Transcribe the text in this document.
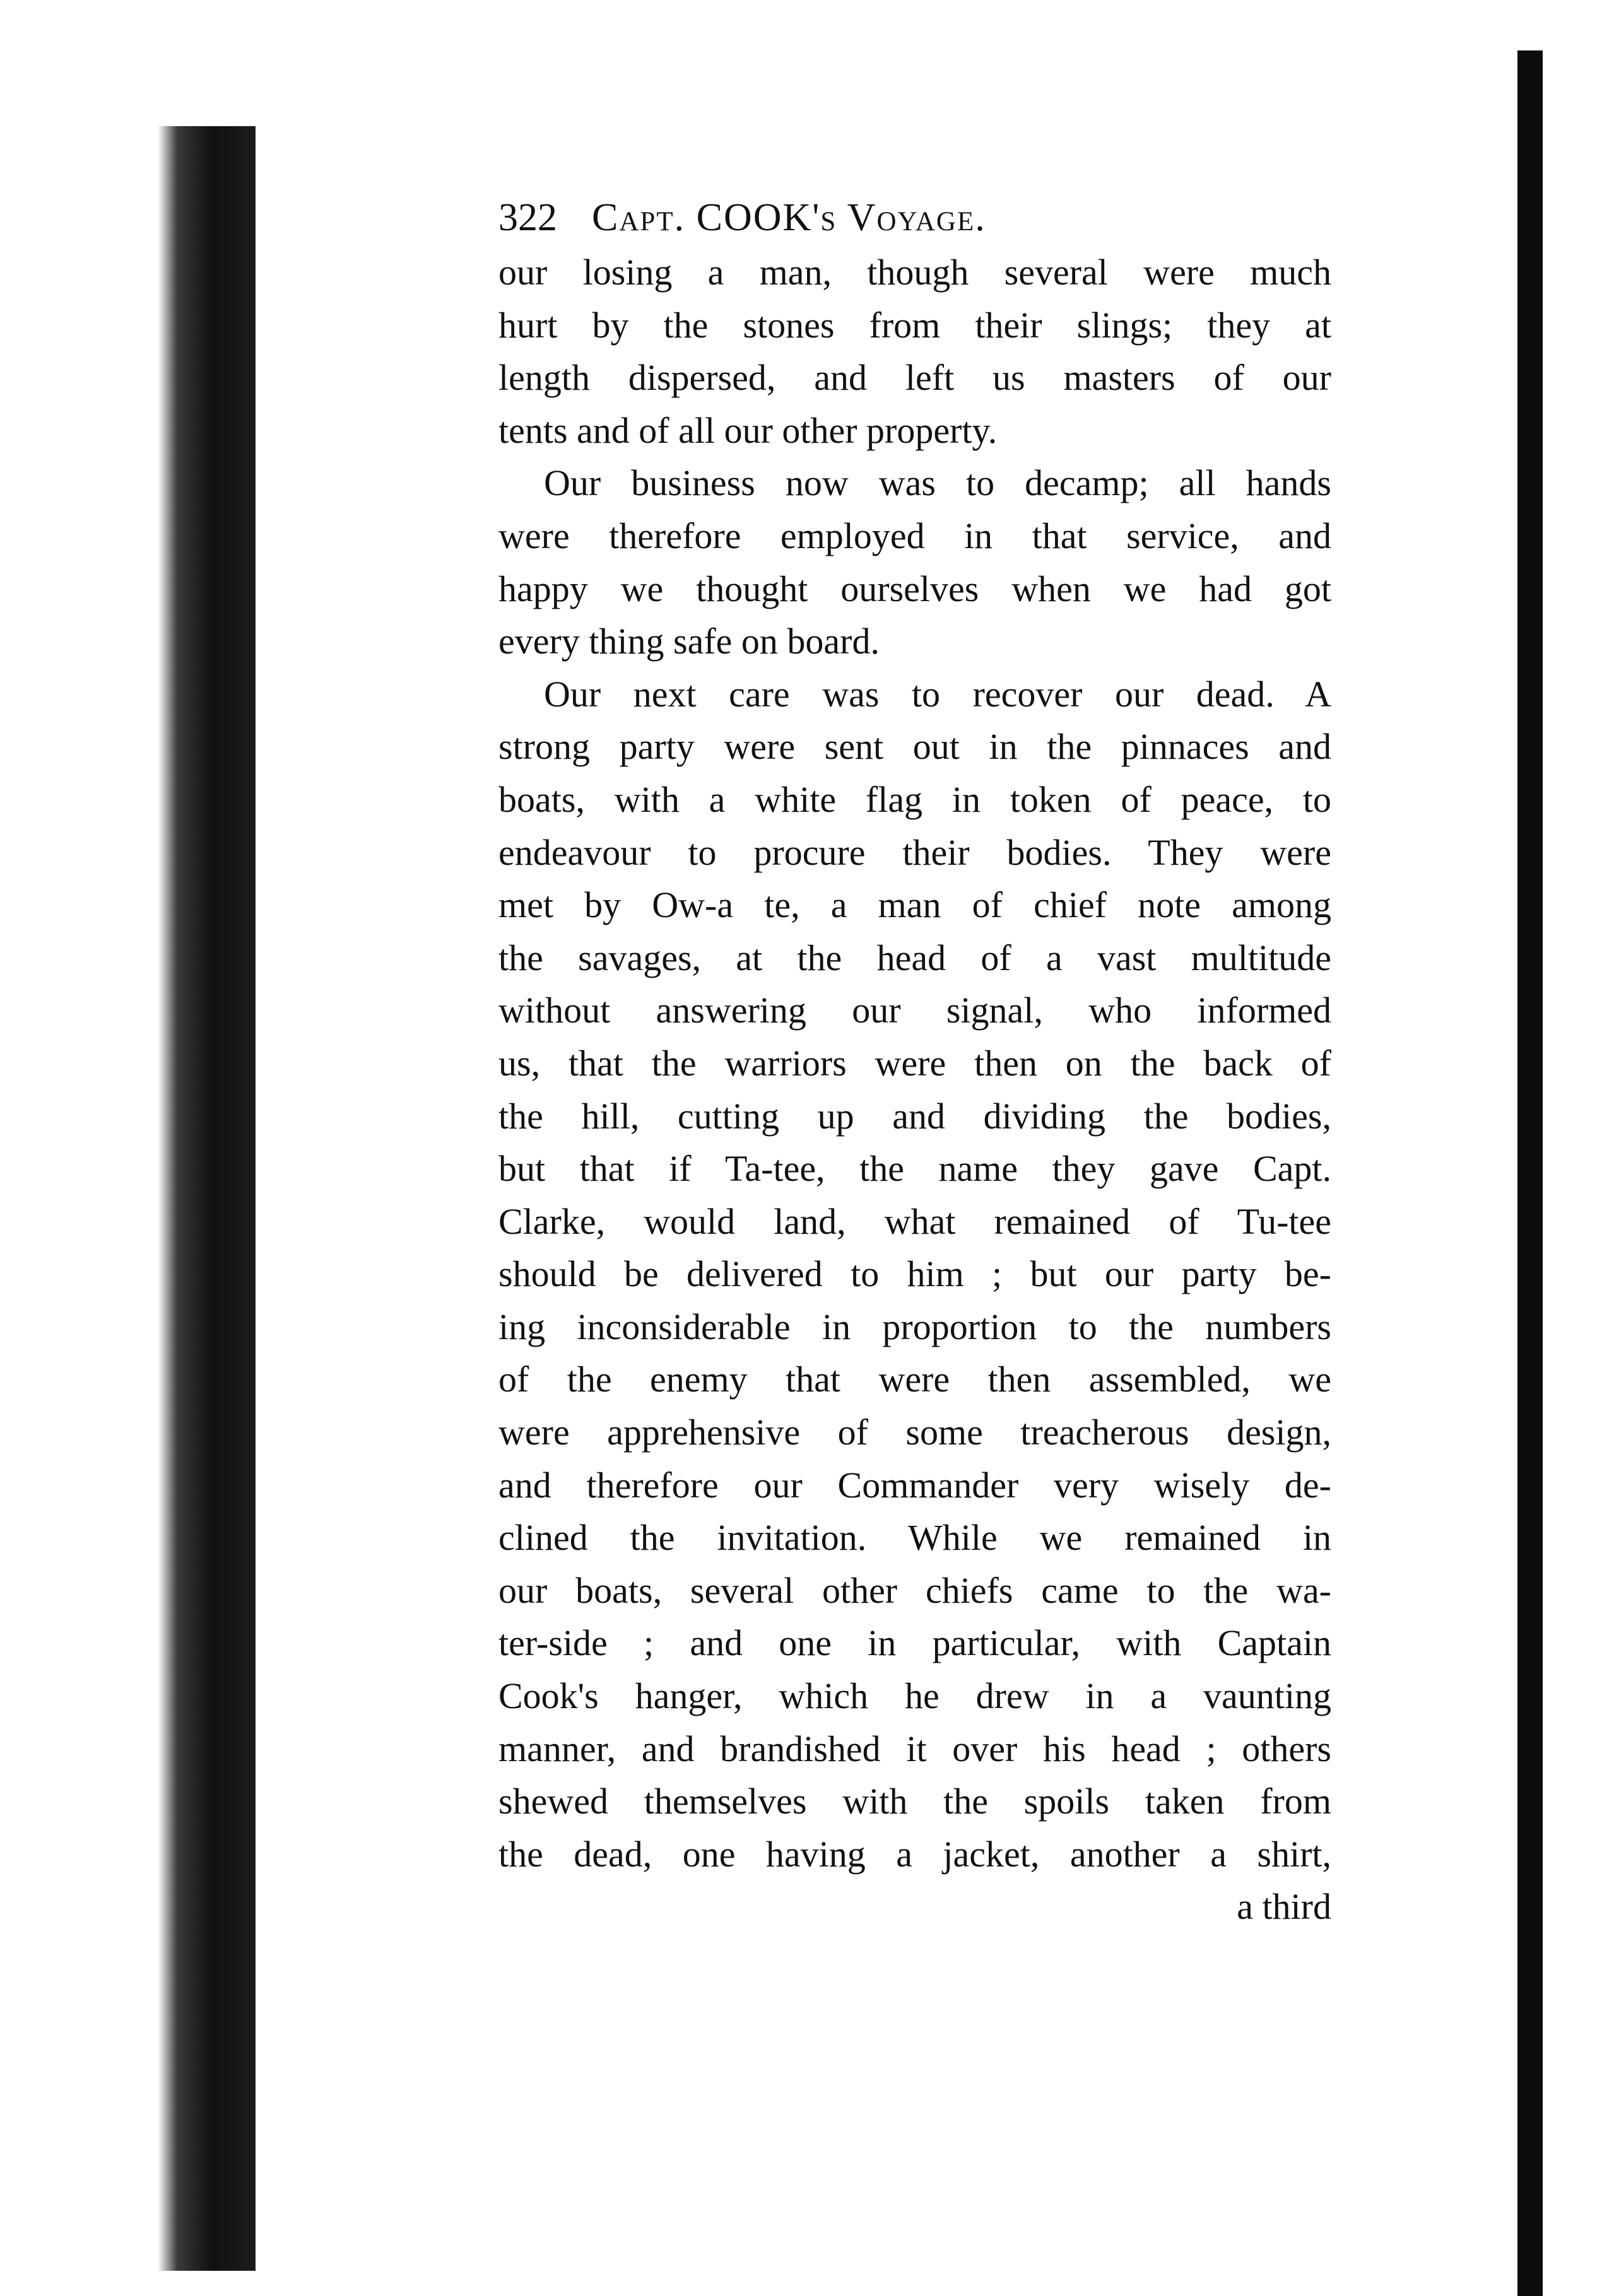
322 Capt. COOK's Voyage.
our losing a man, though several were much
hurt by the stones from their slings; they at
length dispersed, and left us masters of our
tents and of all our other property.
Our business now was to decamp; all hands
were therefore employed in that service, and
happy we thought ourselves when we had got
every thing safe on board.
Our next care was to recover our dead. A
strong party were sent out in the pinnaces and
boats, with a white flag in token of peace, to
endeavour to procure their bodies. They were
met by Ow-a te, a man of chief note among
the savages, at the head of a vast multitude
without answering our signal, who informed
us, that the warriors were then on the back of
the hill, cutting up and dividing the bodies,
but that if Ta-tee, the name they gave Capt.
Clarke, would land, what remained of Tu-tee
should be delivered to him ; but our party be-
ing inconsiderable in proportion to the numbers
of the enemy that were then assembled, we
were apprehensive of some treacherous design,
and therefore our Commander very wisely de-
clined the invitation. While we remained in
our boats, several other chiefs came to the wa-
ter-side ; and one in particular, with Captain
Cook's hanger, which he drew in a vaunting
manner, and brandished it over his head ; others
shewed themselves with the spoils taken from
the dead, one having a jacket, another a shirt,
a third
